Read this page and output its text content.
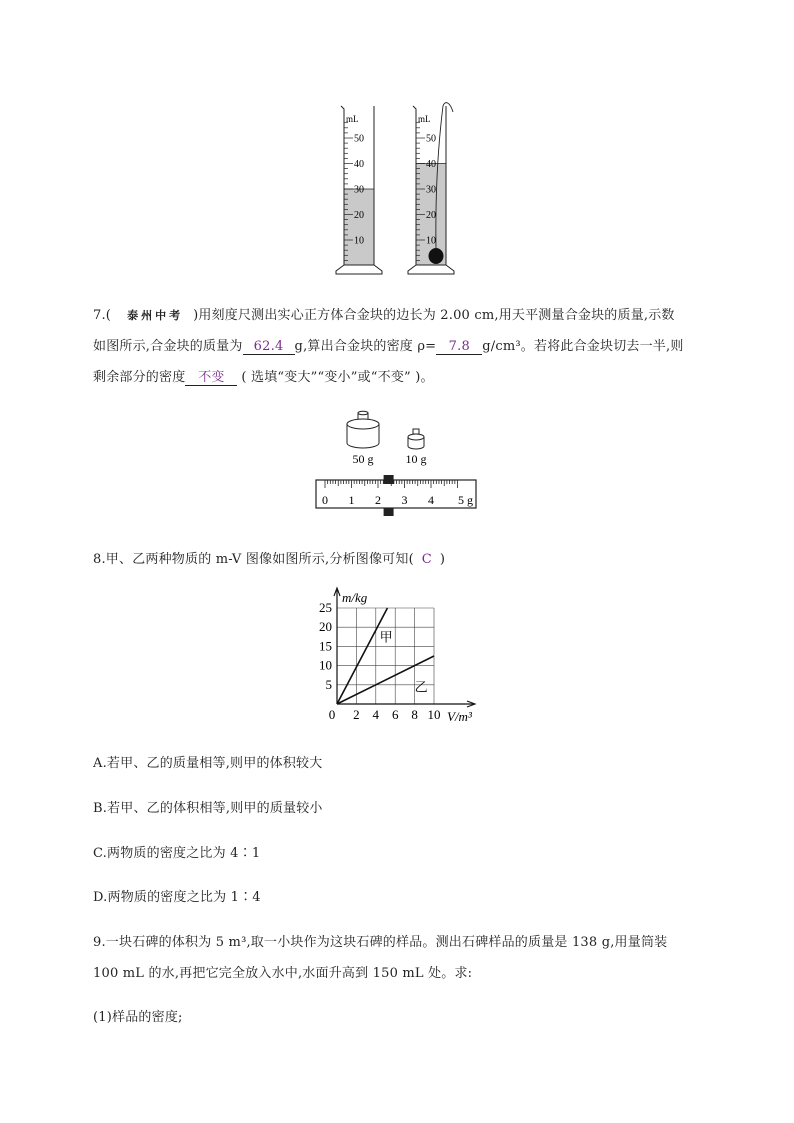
mL
50
40
30
20
10
mL
50
40
30
20
10
7.( 泰州中考 )用刻度尺测出实心正方体合金块的边长为 2.00 cm,用天平测量合金块的质量,示数
如图所示,合金块的质量为 62.4 g,算出合金块的密度 ρ= 7.8 g/cm³。若将此合金块切去一半,则
剩余部分的密度 不变 ( 选填“变大”“变小”或“不变” )。
50 g	10 g
0 1 2 3 4 5 g
8.甲、乙两种物质的 m-V 图像如图所示,分析图像可知( C )
25
20
15
10
5
0 2 4 6 8 10
甲
乙
m/kg
V/m³
A.若甲、乙的质量相等,则甲的体积较大
B.若甲、乙的体积相等,则甲的质量较小
C.两物质的密度之比为 4∶1
D.两物质的密度之比为 1∶4
9.一块石碑的体积为 5 m³,取一小块作为这块石碑的样品。测出石碑样品的质量是 138 g,用量筒装
100 mL 的水,再把它完全放入水中,水面升高到 150 mL 处。求:
(1)样品的密度;
